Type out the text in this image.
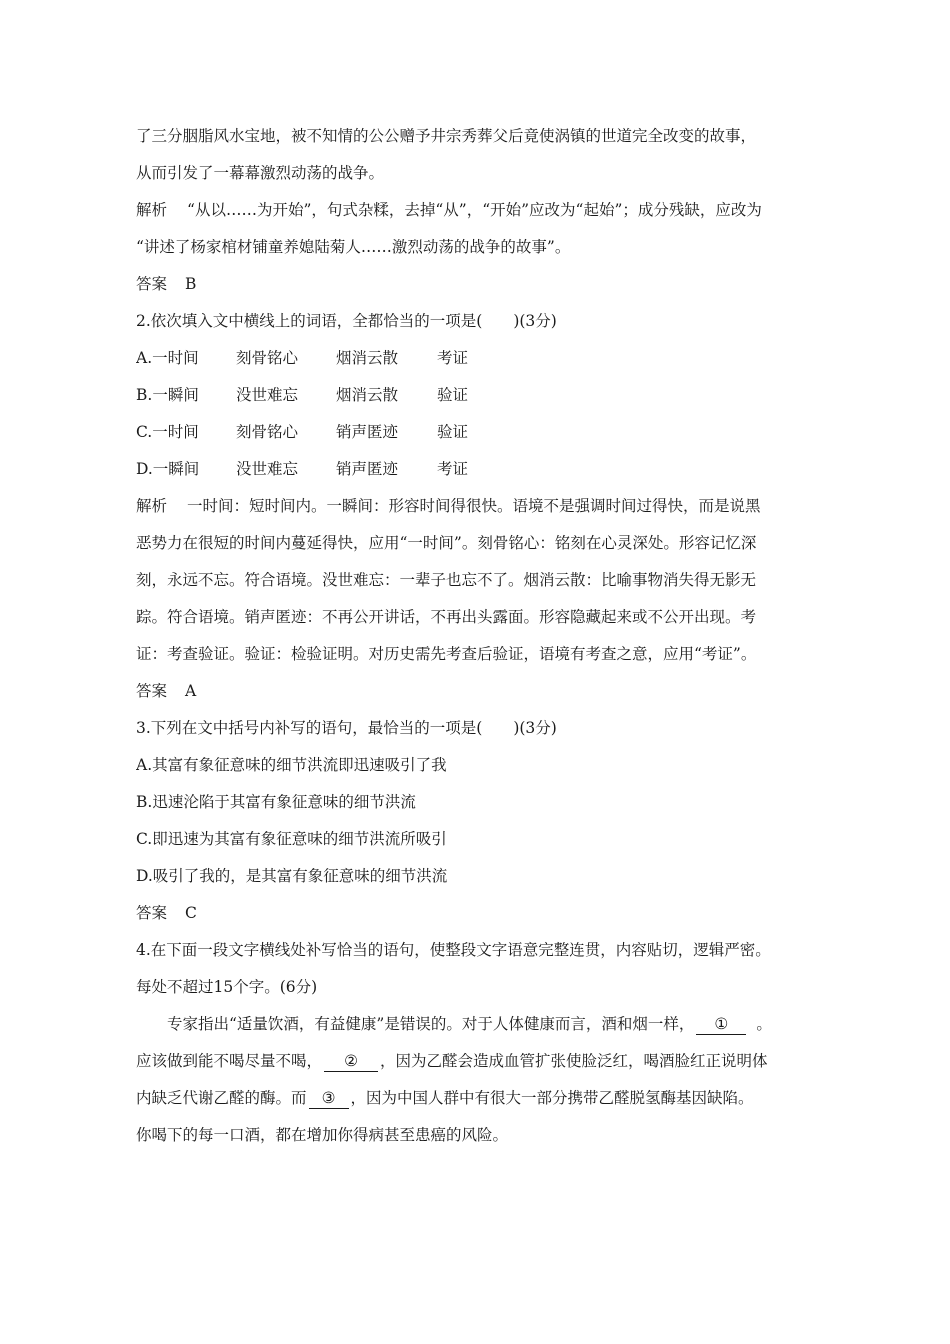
了三分胭脂风水宝地，被不知情的公公赠予井宗秀葬父后竟使涡镇的世道完全改变的故事，
从而引发了一幕幕激烈动荡的战争。
解析 “从以……为开始”，句式杂糅，去掉“从”，“开始”应改为“起始”；成分残缺，应改为
“讲述了杨家棺材铺童养媳陆菊人……激烈动荡的战争的故事”。
答案 B
2.依次填入文中横线上的词语，全都恰当的一项是(　　)(3分)
A.一时间 刻骨铭心 烟消云散	考证
B.一瞬间 没世难忘 烟消云散	验证
C.一时间 刻骨铭心 销声匿迹	验证
D.一瞬间 没世难忘 销声匿迹	考证
解析 一时间：短时间内。一瞬间：形容时间得很快。语境不是强调时间过得快，而是说黑
恶势力在很短的时间内蔓延得快，应用“一时间”。刻骨铭心：铭刻在心灵深处。形容记忆深
刻，永远不忘。符合语境。没世难忘：一辈子也忘不了。烟消云散：比喻事物消失得无影无
踪。符合语境。销声匿迹：不再公开讲话，不再出头露面。形容隐藏起来或不公开出现。考
证：考查验证。验证：检验证明。对历史需先考查后验证，语境有考查之意，应用“考证”。
答案 A
3.下列在文中括号内补写的语句，最恰当的一项是(　　)(3分)
A.其富有象征意味的细节洪流即迅速吸引了我
B.迅速沦陷于其富有象征意味的细节洪流
C.即迅速为其富有象征意味的细节洪流所吸引
D.吸引了我的，是其富有象征意味的细节洪流
答案 C
4.在下面一段文字横线处补写恰当的语句，使整段文字语意完整连贯，内容贴切，逻辑严密。
每处不超过15个字。(6分)
专家指出“适量饮酒，有益健康”是错误的。对于人体健康而言，酒和烟一样， ① 。
应该做到能不喝尽量不喝， ② ，因为乙醛会造成血管扩张使脸泛红，喝酒脸红正说明体
内缺乏代谢乙醛的酶。而 ③ ，因为中国人群中有很大一部分携带乙醛脱氢酶基因缺陷。
你喝下的每一口酒，都在增加你得病甚至患癌的风险。
